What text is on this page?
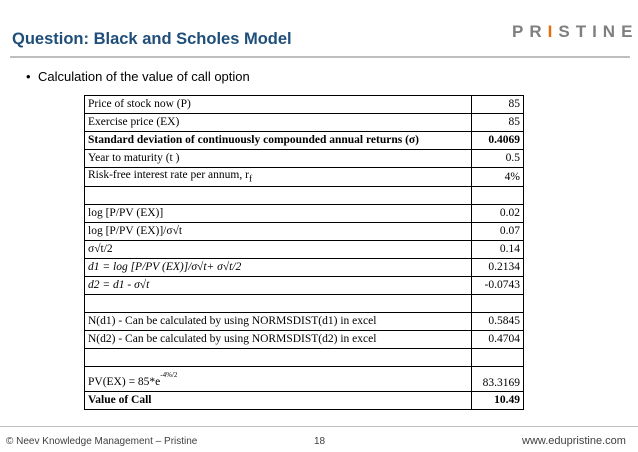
Question: Black and Scholes Model	PRISTINE
• Calculation of the value of call option
Price of stock now (P)	85
Exercise price (EX)	85
Standard deviation of continuously compounded annual returns (σ)	0.4069
Year to maturity (t )	0.5
Risk-free interest rate per annum, $r_f$	4%

log [P/PV (EX)]	0.02
log [P/PV (EX)]/σ√t	0.07
σ√t/2	0.14
d1 = log [P/PV (EX)]/σ√t+ σ√t/2	0.2134
d2 = d1 - σ√t	-0.0743

N(d1) - Can be calculated by using NORMSDIST(d1) in excel	0.5845
N(d2) - Can be calculated by using NORMSDIST(d2) in excel	0.4704

$PV(EX) = 85*e^{-4\%/2}$	83.3169
Value of Call	10.49
© Neev Knowledge Management – Pristine	18	www.edupristine.com
